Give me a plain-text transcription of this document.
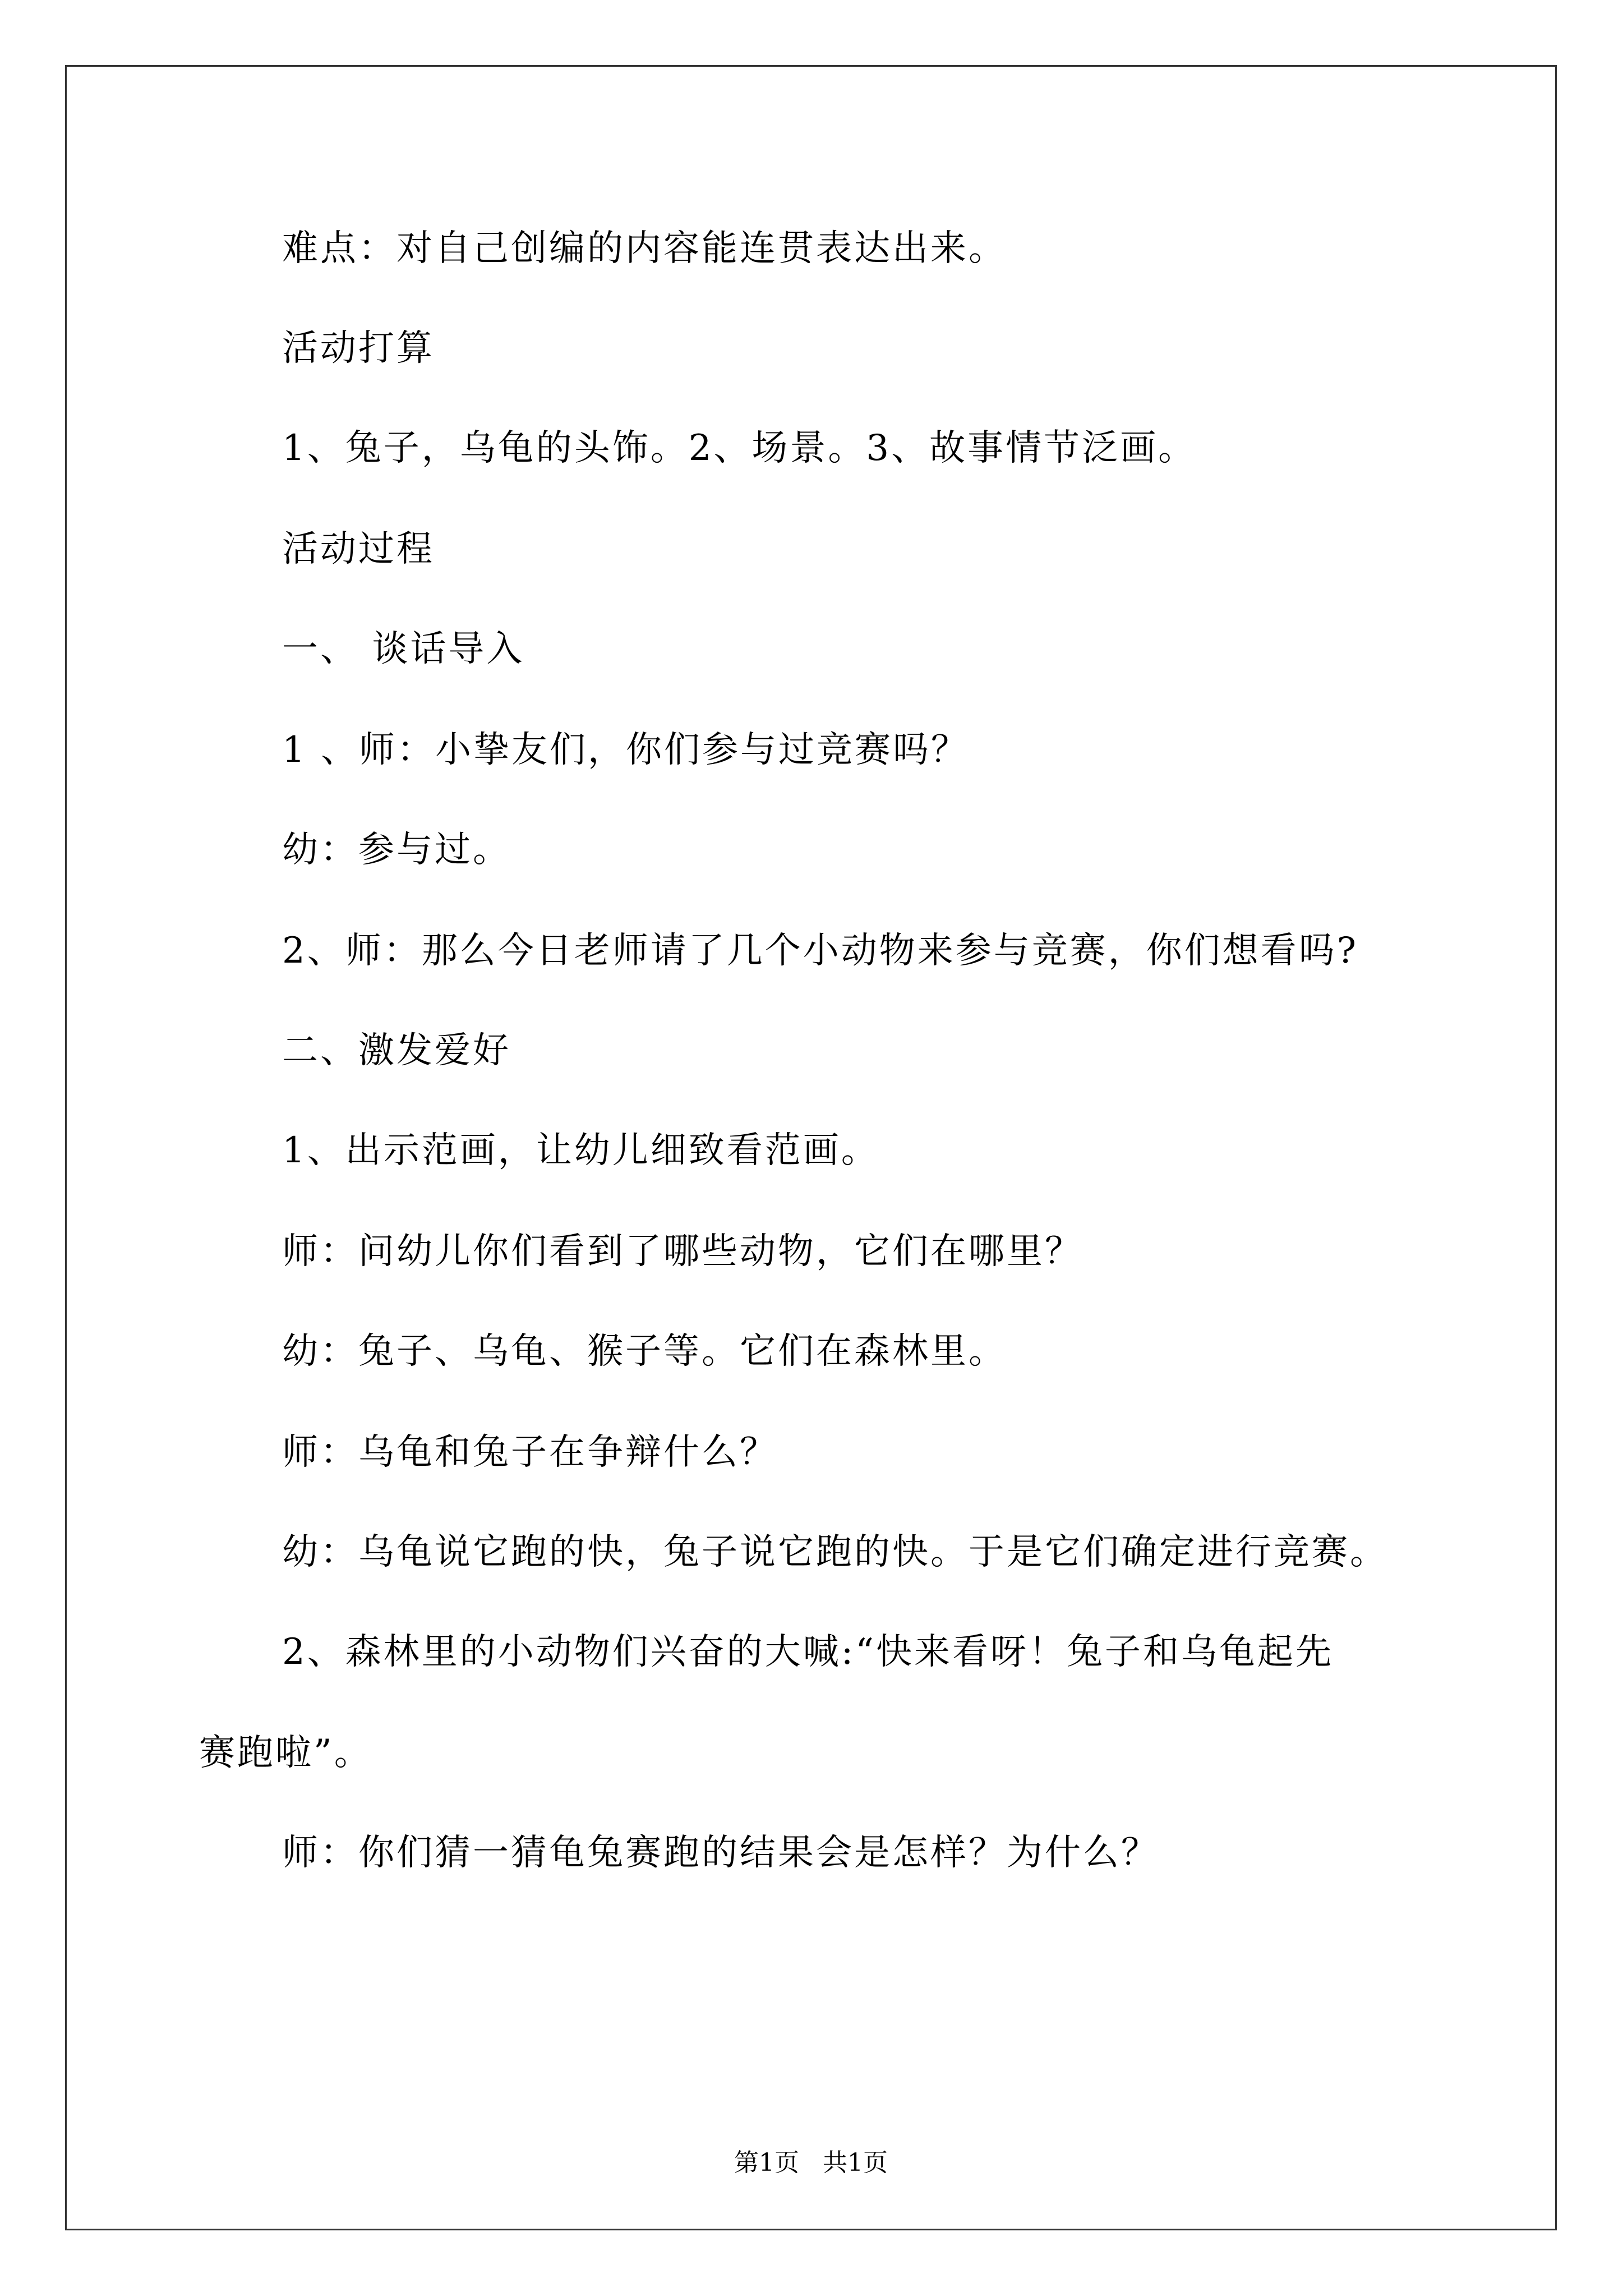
难点：对自己创编的内容能连贯表达出来。
活动打算
1、兔子，乌龟的头饰。2、场景。3、故事情节泛画。
活动过程
一、 谈话导入
1 、师：小挚友们，你们参与过竞赛吗？
幼：参与过。
2、师：那么今日老师请了几个小动物来参与竞赛，你们想看吗?
二、激发爱好
1、出示范画，让幼儿细致看范画。
师：问幼儿你们看到了哪些动物，它们在哪里？
幼：兔子、乌龟、猴子等。它们在森林里。
师：乌龟和兔子在争辩什么？
幼：乌龟说它跑的快，兔子说它跑的快。于是它们确定进行竞赛。
2、森林里的小动物们兴奋的大喊:“快来看呀！兔子和乌龟起先
赛跑啦”。
师：你们猜一猜龟兔赛跑的结果会是怎样？为什么？
第1页   共1页
